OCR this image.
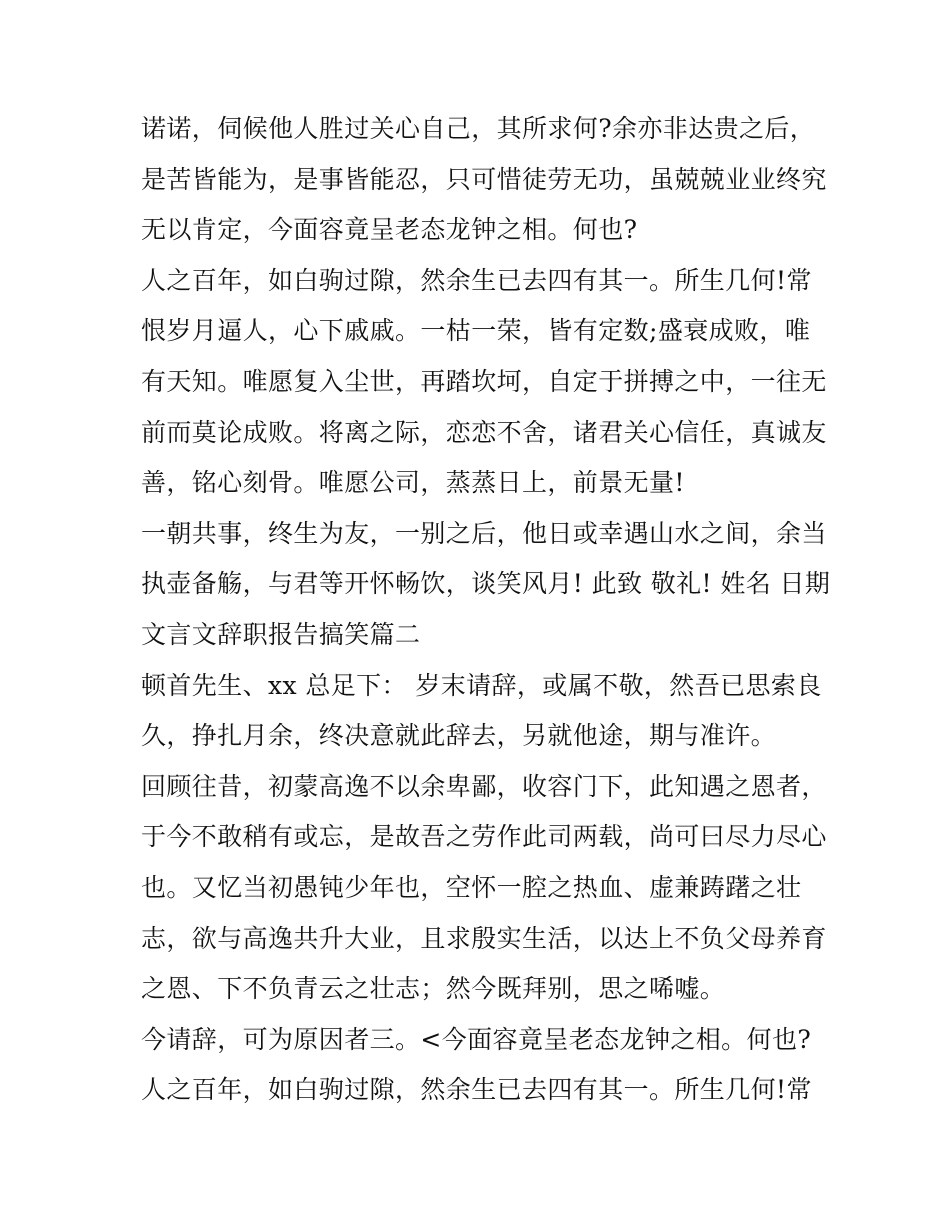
诺诺，伺候他人胜过关心自己，其所求何?余亦非达贵之后，
是苦皆能为，是事皆能忍，只可惜徒劳无功，虽兢兢业业终究
无以肯定，今面容竟呈老态龙钟之相。何也?
人之百年，如白驹过隙，然余生已去四有其一。所生几何!常
恨岁月逼人，心下戚戚。一枯一荣，皆有定数;盛衰成败，唯
有天知。唯愿复入尘世，再踏坎坷，自定于拼搏之中，一往无
前而莫论成败。将离之际，恋恋不舍，诸君关心信任，真诚友
善，铭心刻骨。唯愿公司，蒸蒸日上，前景无量!
一朝共事，终生为友，一别之后，他日或幸遇山水之间，余当
执壶备觞，与君等开怀畅饮，谈笑风月! 此致 敬礼! 姓名 日期
文言文辞职报告搞笑篇二
顿首先生、xx 总足下： 岁末请辞，或属不敬，然吾已思索良
久，挣扎月余，终决意就此辞去，另就他途，期与准许。
回顾往昔，初蒙高逸不以余卑鄙，收容门下，此知遇之恩者，
于今不敢稍有或忘，是故吾之劳作此司两载，尚可曰尽力尽心
也。又忆当初愚钝少年也，空怀一腔之热血、虚兼踌躇之壮
志，欲与高逸共升大业，且求殷实生活，以达上不负父母养育
之恩、下不负青云之壮志；然今既拜别，思之唏嘘。
今请辞，可为原因者三。<今面容竟呈老态龙钟之相。何也?
人之百年，如白驹过隙，然余生已去四有其一。所生几何!常
